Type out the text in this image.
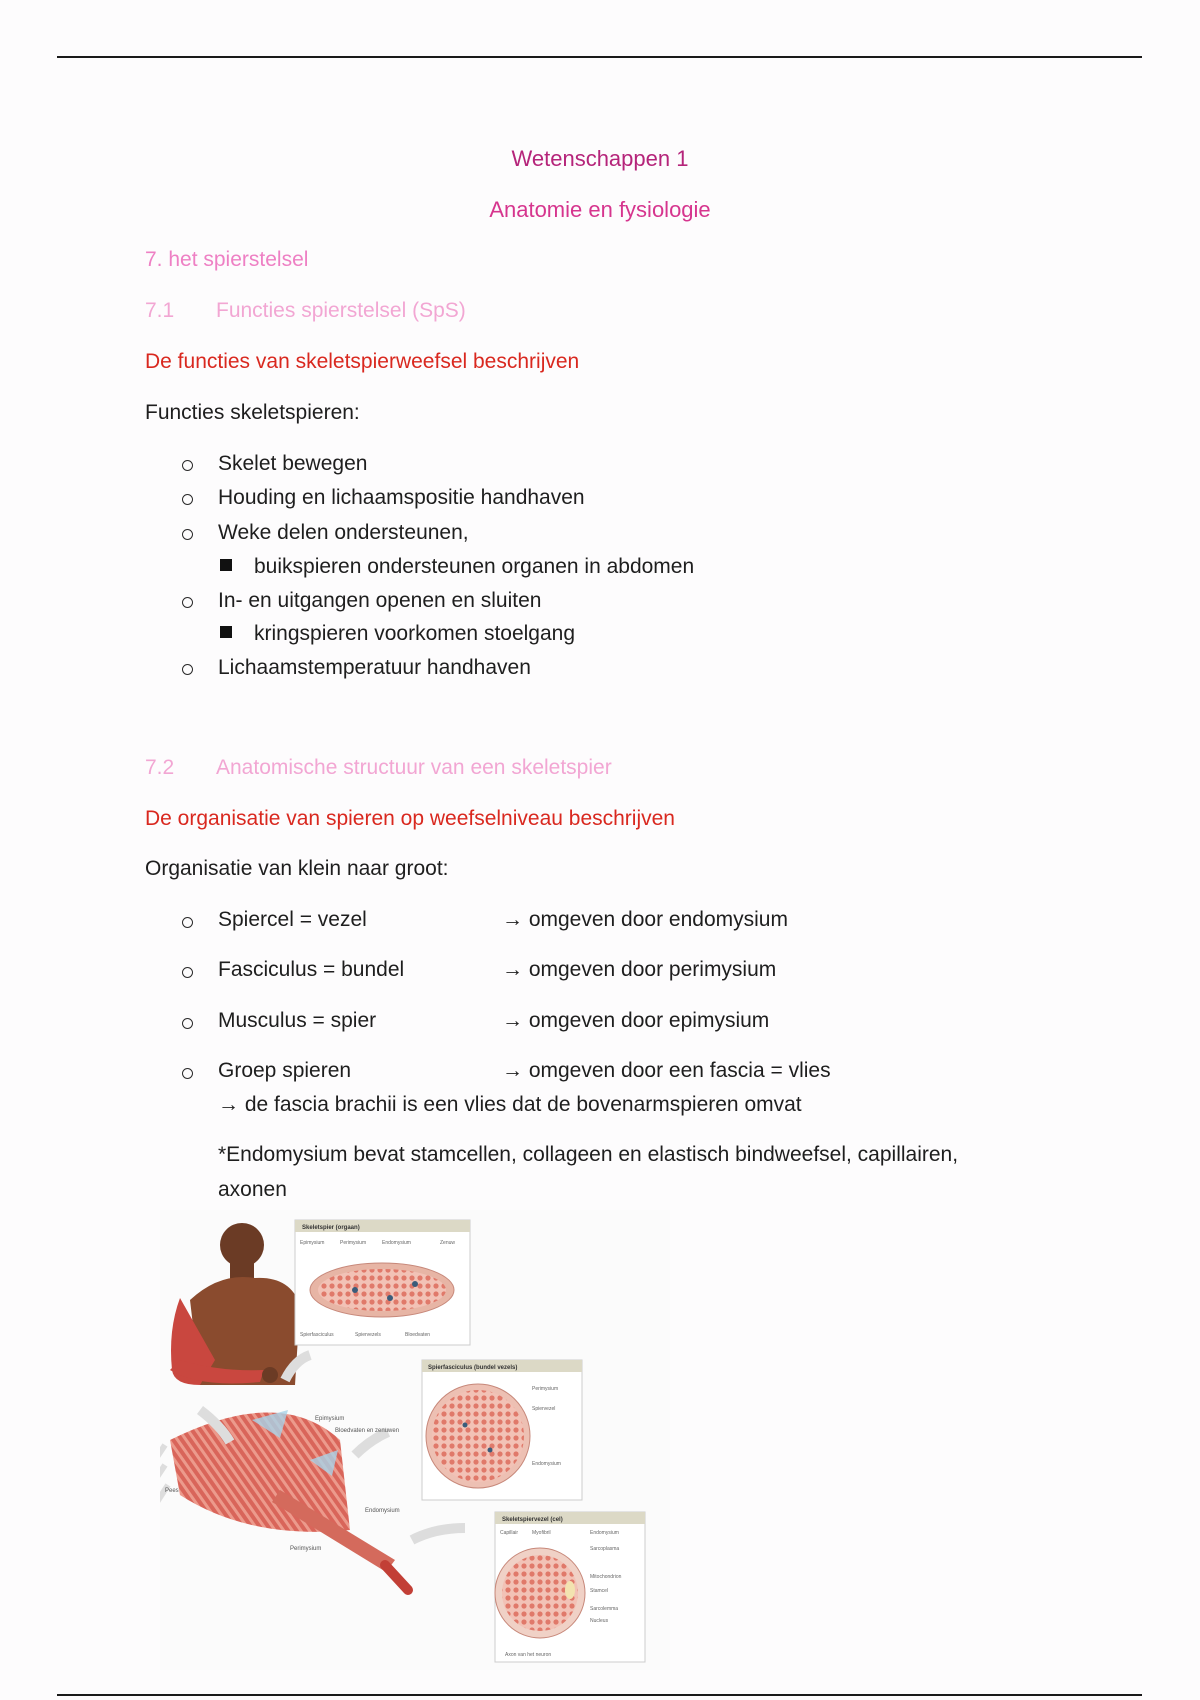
Wetenschappen 1
Anatomie en fysiologie
7. het spierstelsel
7.1 Functies spierstelsel (SpS)
De functies van skeletspierweefsel beschrijven
Functies skeletspieren:
Skelet bewegen
Houding en lichaamspositie handhaven
Weke delen ondersteunen,
buikspieren ondersteunen organen in abdomen
In- en uitgangen openen en sluiten
kringspieren voorkomen stoelgang
Lichaamstemperatuur handhaven
7.2 Anatomische structuur van een skeletspier
De organisatie van spieren op weefselniveau beschrijven
Organisatie van klein naar groot:
Spiercel = vezel	→ omgeven door endomysium
Fasciculus = bundel	→ omgeven door perimysium
Musculus = spier	→ omgeven door epimysium
Groep spieren	→ omgeven door een fascia = vlies
→ de fascia brachii is een vlies dat de bovenarmspieren omvat
*Endomysium bevat stamcellen, collageen en elastisch bindweefsel, capillairen,
axonen
Epimysium
Bloedvaten en zenuwen
Pees
Endomysium
Perimysium
Skeletspier (orgaan)
Epimysium	Perimysium	Endomysium	Zenuw
Spierfasciculus	Spiervezels	Bloedvaten
Spierfasciculus (bundel vezels)
Perimysium
Spiervezel
Endomysium
Skeletspiervezel (cel)
Capillair	Myofibril	Endomysium
Sarcoplasma
Mitochondrion
Stamcel
Sarcolemma
Nucleus
Axon van het neuron
